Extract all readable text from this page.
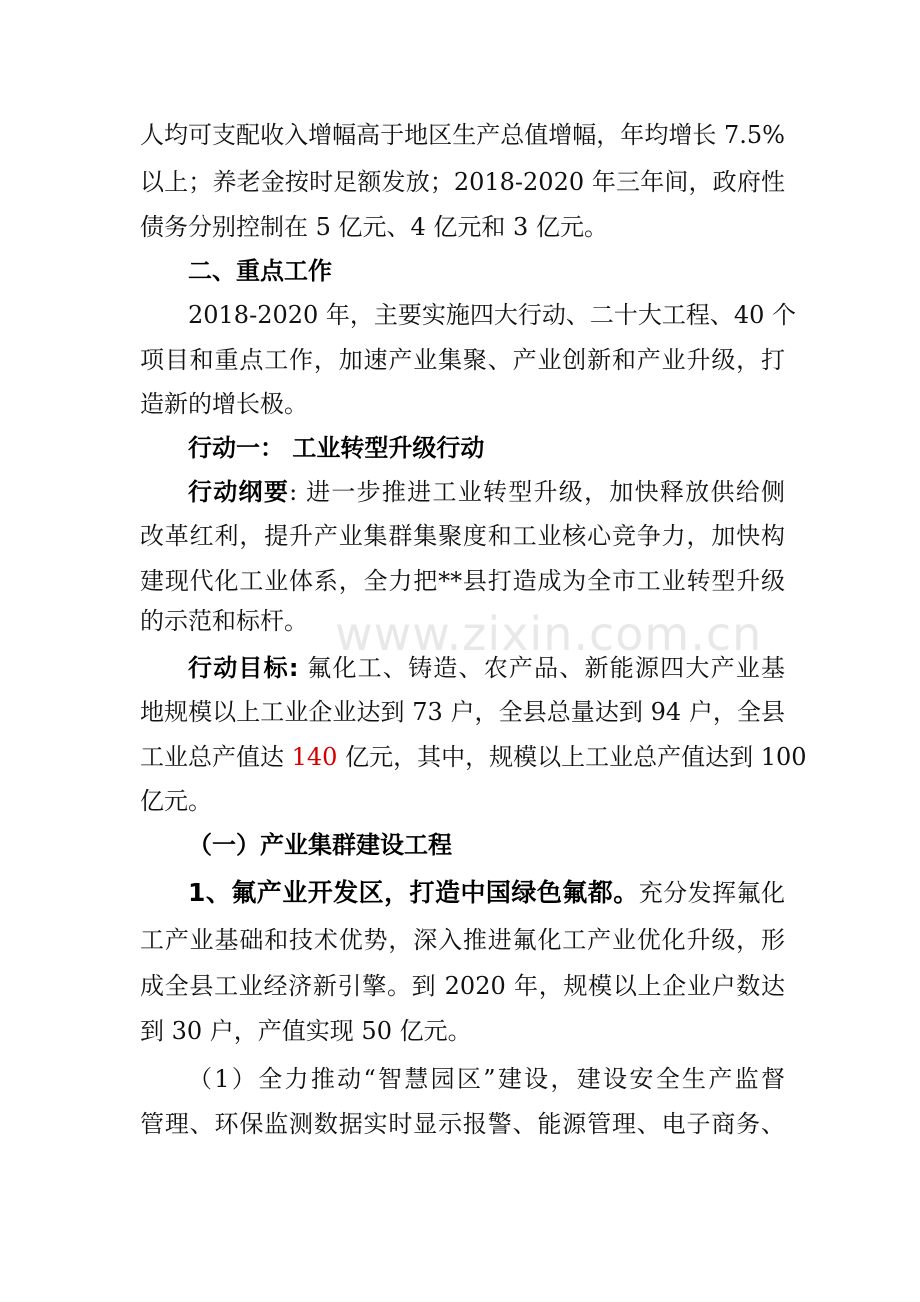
人均可支配收入增幅高于地区生产总值增幅，年均增长 7.5%
以上；养老金按时足额发放；2018-2020 年三年间，政府性
债务分别控制在 5 亿元、4 亿元和 3 亿元。
二、重点工作
2018-2020 年，主要实施四大行动、二十大工程、40 个
项目和重点工作，加速产业集聚、产业创新和产业升级，打
造新的增长极。
行动一： 工业转型升级行动
行动纲要: 进一步推进工业转型升级，加快释放供给侧
改革红利，提升产业集群集聚度和工业核心竞争力，加快构
建现代化工业体系，全力把**县打造成为全市工业转型升级
的示范和标杆。
行动目标: 氟化工、铸造、农产品、新能源四大产业基
地规模以上工业企业达到 73 户，全县总量达到 94 户，全县
工业总产值达 140 亿元，其中，规模以上工业总产值达到 100
亿元。
（一）产业集群建设工程
1、氟产业开发区，打造中国绿色氟都。充分发挥氟化
工产业基础和技术优势，深入推进氟化工产业优化升级，形
成全县工业经济新引擎。到 2020 年，规模以上企业户数达
到 30 户，产值实现 50 亿元。
（1）全力推动“智慧园区”建设，建设安全生产监督
管理、环保监测数据实时显示报警、能源管理、电子商务、
www.zixin.com.cn
